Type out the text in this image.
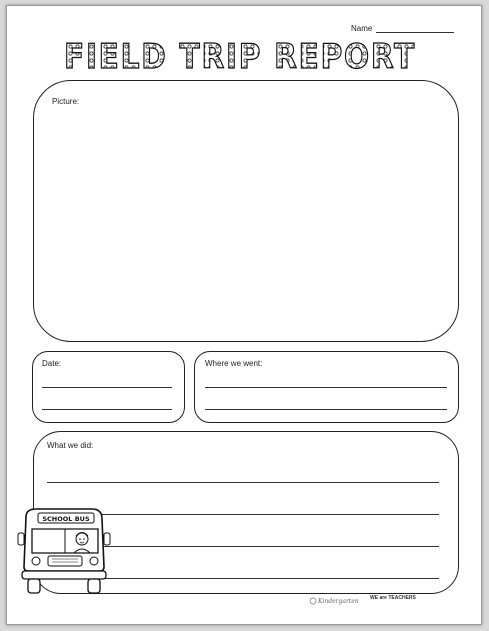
Name
FIELD TRIP REPORT
Picture:
Date:	Where we went:
What we did:
SCHOOL BUS
Kindergarten WE are TEACHERS
